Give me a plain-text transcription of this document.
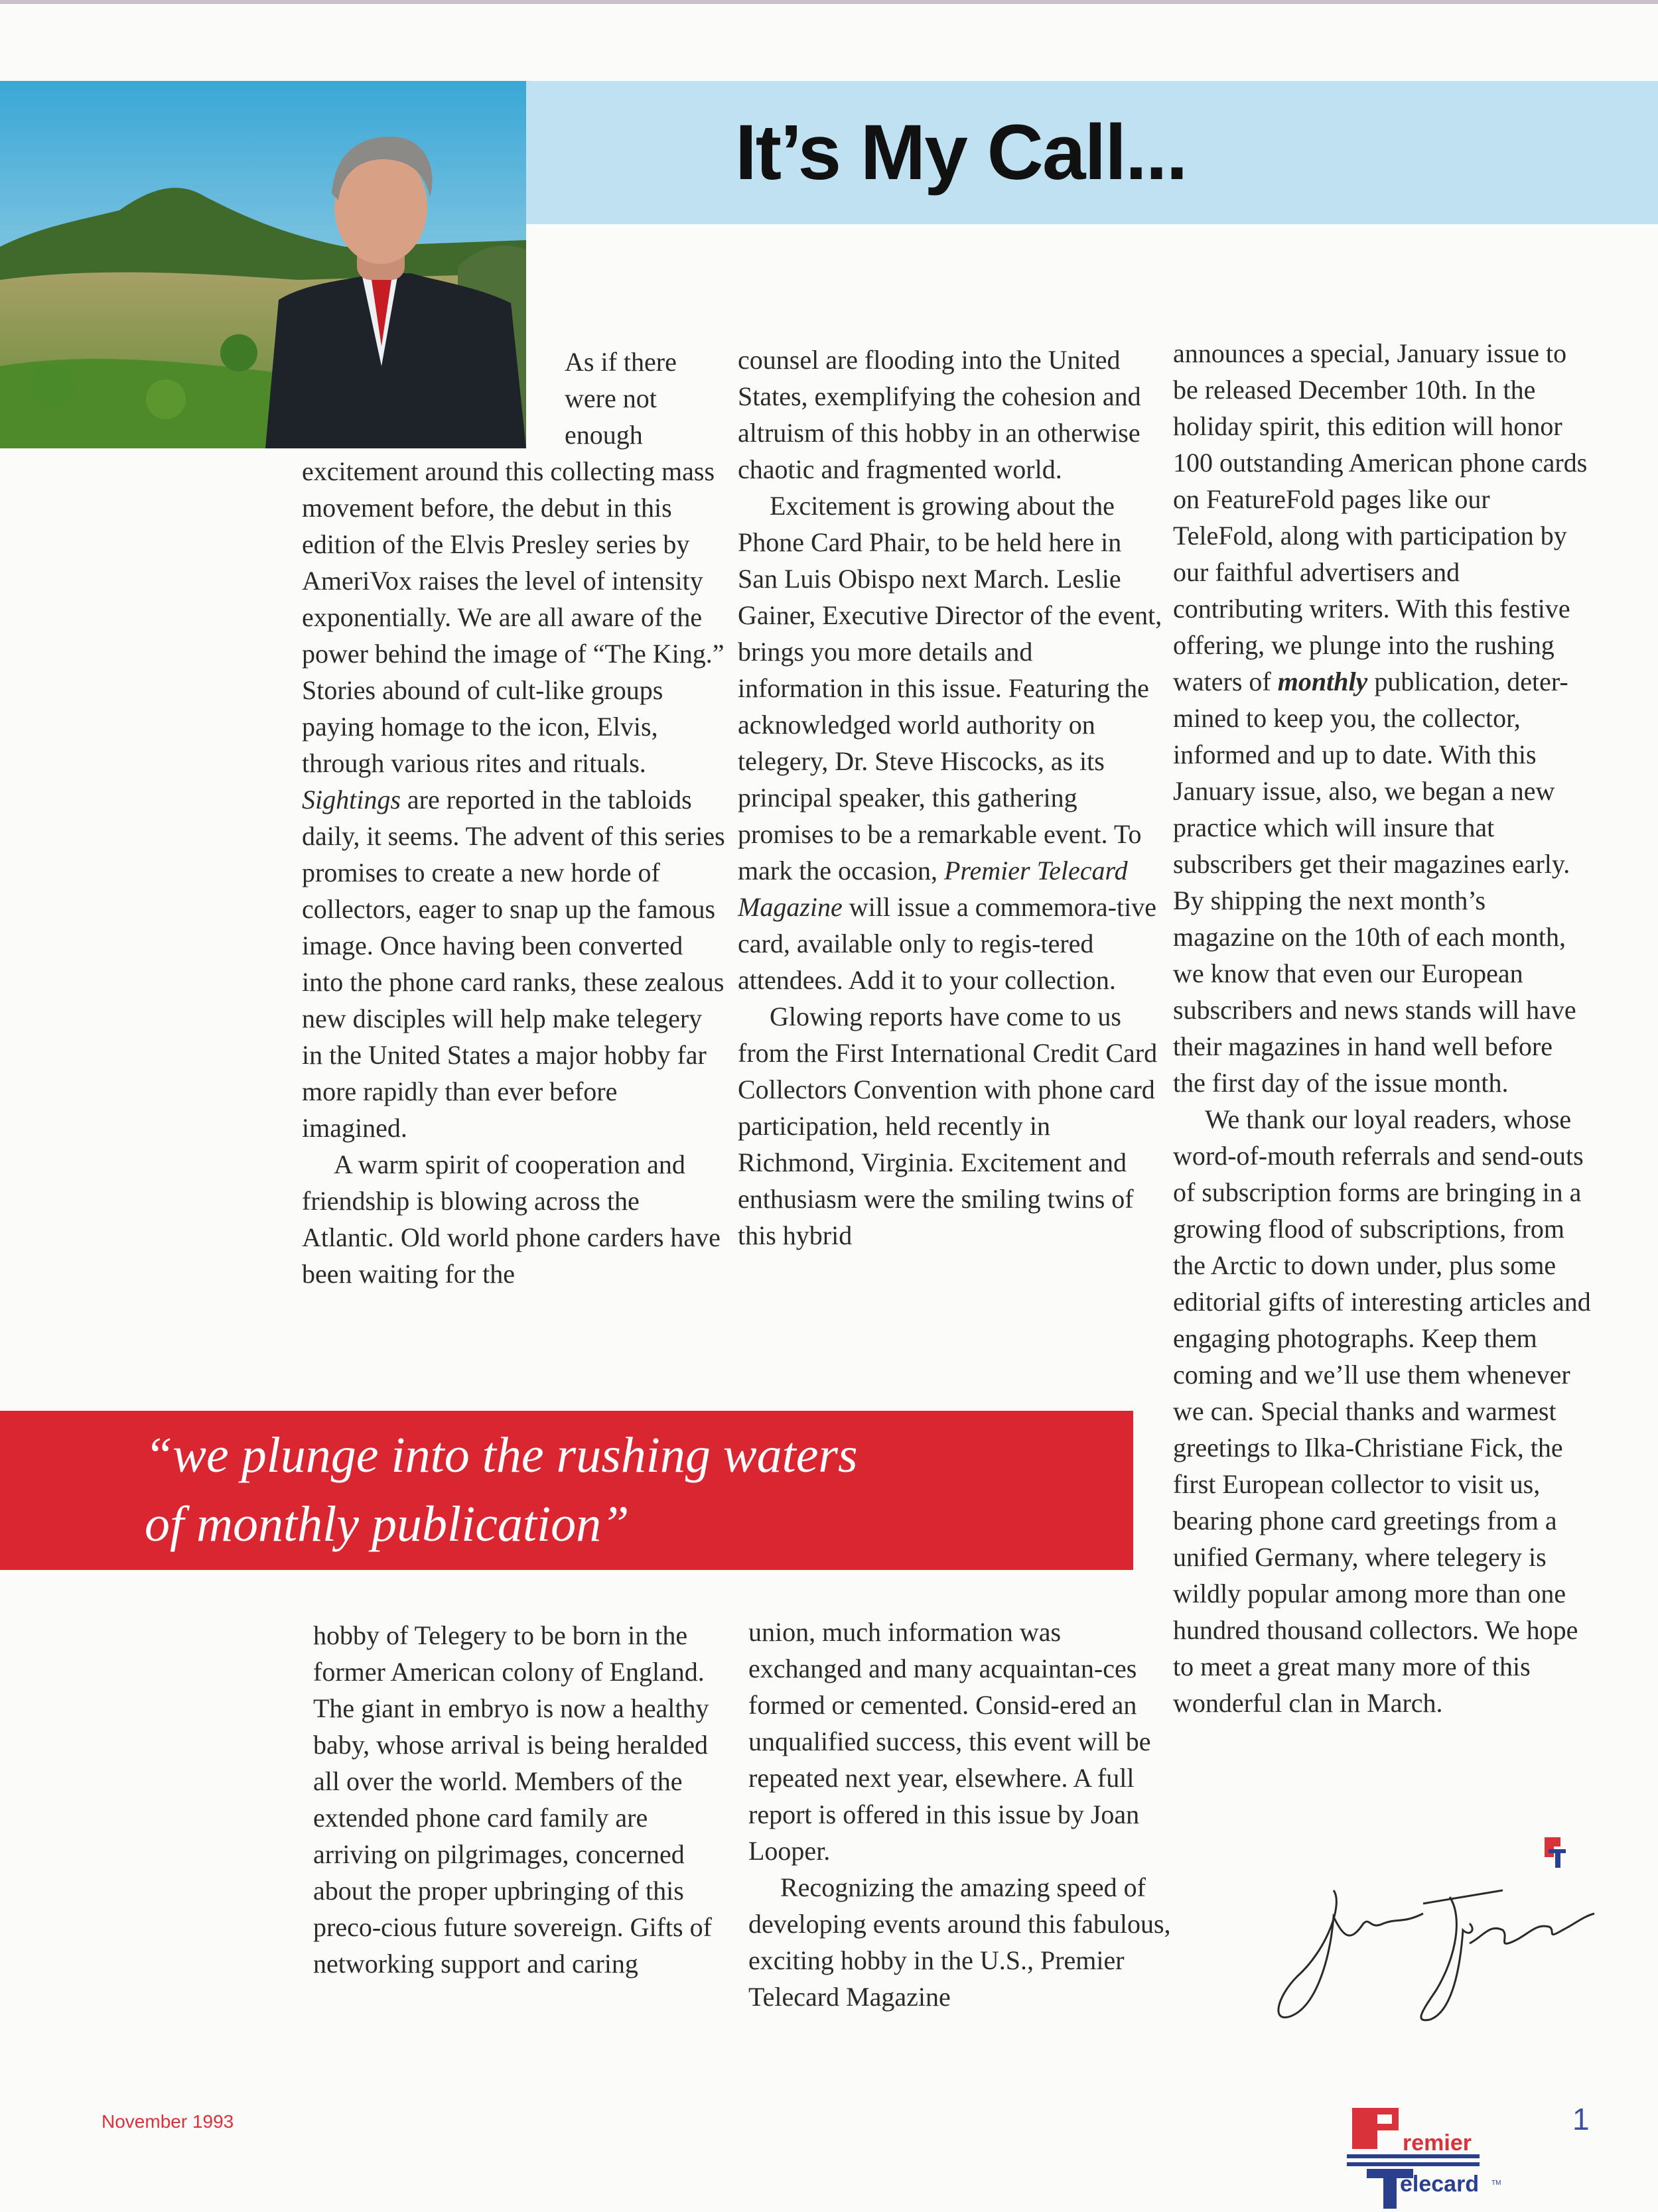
It’s My Call...
As if there
were not
enough

excitement around this collecting mass movement before, the debut in this edition of the Elvis Presley series by AmeriVox raises the level of intensity exponentially. We are all aware of the power behind the image of “The King.” Stories abound of cult-like groups paying homage to the icon, Elvis, through various rites and rituals. Sightings are reported in the tabloids daily, it seems. The advent of this series promises to create a new horde of collectors, eager to snap up the famous image. Once having been converted into the phone card ranks, these zealous new disciples will help make telegery in the United States a major hobby far more rapidly than ever before imagined.

A warm spirit of cooperation and friendship is blowing across the Atlantic. Old world phone carders have been waiting for the

counsel are flooding into the United States, exemplifying the cohesion and altruism of this hobby in an otherwise chaotic and fragmented world.

Excitement is growing about the Phone Card Phair, to be held here in San Luis Obispo next March. Leslie Gainer, Executive Director of the event, brings you more details and information in this issue. Featuring the acknowledged world authority on telegery, Dr. Steve Hiscocks, as its principal speaker, this gathering promises to be a remarkable event. To mark the occasion, Premier Telecard Magazine will issue a commemora-tive card, available only to regis-tered attendees. Add it to your collection.

Glowing reports have come to us from the First International Credit Card Collectors Convention with phone card participation, held recently in Richmond, Virginia. Excitement and enthusiasm were the smiling twins of this hybrid

announces a special, January issue to be released December 10th. In the holiday spirit, this edition will honor 100 outstanding American phone cards on FeatureFold pages like our TeleFold, along with participation by our faithful advertisers and contributing writers. With this festive offering, we plunge into the rushing waters of monthly publication, deter-mined to keep you, the collector, informed and up to date. With this January issue, also, we began a new practice which will insure that subscribers get their magazines early. By shipping the next month’s magazine on the 10th of each month, we know that even our European subscribers and news stands will have their magazines in hand well before the first day of the issue month.

We thank our loyal readers, whose word-of-mouth referrals and send-outs of subscription forms are bringing in a growing flood of subscriptions, from the Arctic to down under, plus some editorial gifts of interesting articles and engaging photographs. Keep them coming and we’ll use them whenever we can. Special thanks and warmest greetings to Ilka-Christiane Fick, the first European collector to visit us, bearing phone card greetings from a unified Germany, where telegery is wildly popular among more than one hundred thousand collectors. We hope to meet a great many more of this wonderful clan in March.

“we plunge into the rushing waters
of monthly publication”

hobby of Telegery to be born in the former American colony of England. The giant in embryo is now a healthy baby, whose arrival is being heralded all over the world. Members of the extended phone card family are arriving on pilgrimages, concerned about the proper upbringing of this preco-cious future sovereign. Gifts of networking support and caring

union, much information was exchanged and many acquaintan-ces formed or cemented. Consid-ered an unqualified success, this event will be repeated next year, elsewhere. A full report is offered in this issue by Joan Looper.

Recognizing the amazing speed of developing events around this fabulous, exciting hobby in the U.S., Premier Telecard Magazine

November 1993
remier
elecard TM
1
